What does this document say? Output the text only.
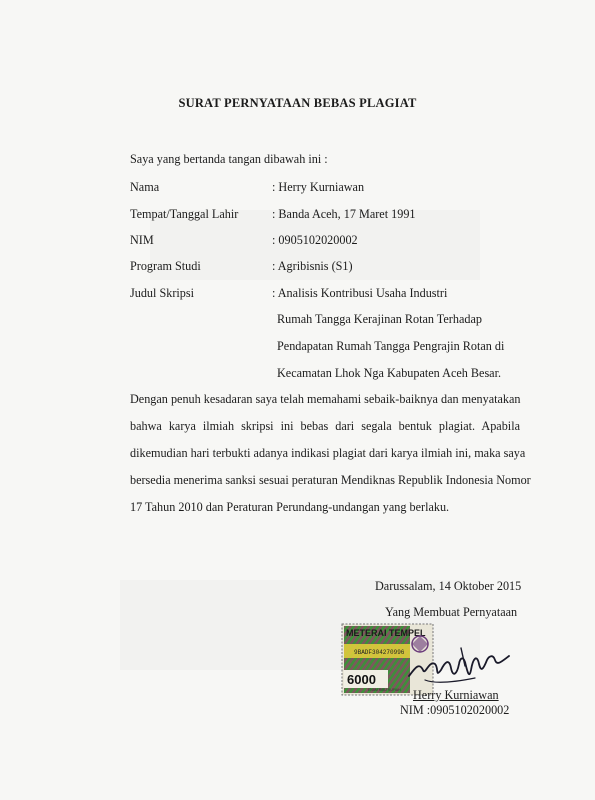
SURAT PERNYATAAN BEBAS PLAGIAT
Saya yang bertanda tangan dibawah ini :
Nama	: Herry Kurniawan
Tempat/Tanggal Lahir	: Banda Aceh, 17 Maret 1991
NIM	: 0905102020002
Program Studi	: Agribisnis (S1)
Judul Skripsi	: Analisis Kontribusi Usaha Industri
Rumah Tangga Kerajinan Rotan Terhadap
Pendapatan Rumah Tangga Pengrajin Rotan di
Kecamatan Lhok Nga Kabupaten Aceh Besar.
Dengan penuh kesadaran saya telah memahami sebaik-baiknya dan menyatakan
bahwa karya ilmiah skripsi ini bebas dari segala bentuk plagiat. Apabila
dikemudian hari terbukti adanya indikasi plagiat dari karya ilmiah ini, maka saya
bersedia menerima sanksi sesuai peraturan Mendiknas Republik Indonesia Nomor
17 Tahun 2010 dan Peraturan Perundang-undangan yang berlaku.
Darussalam, 14 Oktober 2015
Yang Membuat Pernyataan
METERAI TEMPEL
9BADF304270996
6000
ENAM RIBU RUPIAH Herry Kurniawan
NIM :0905102020002
